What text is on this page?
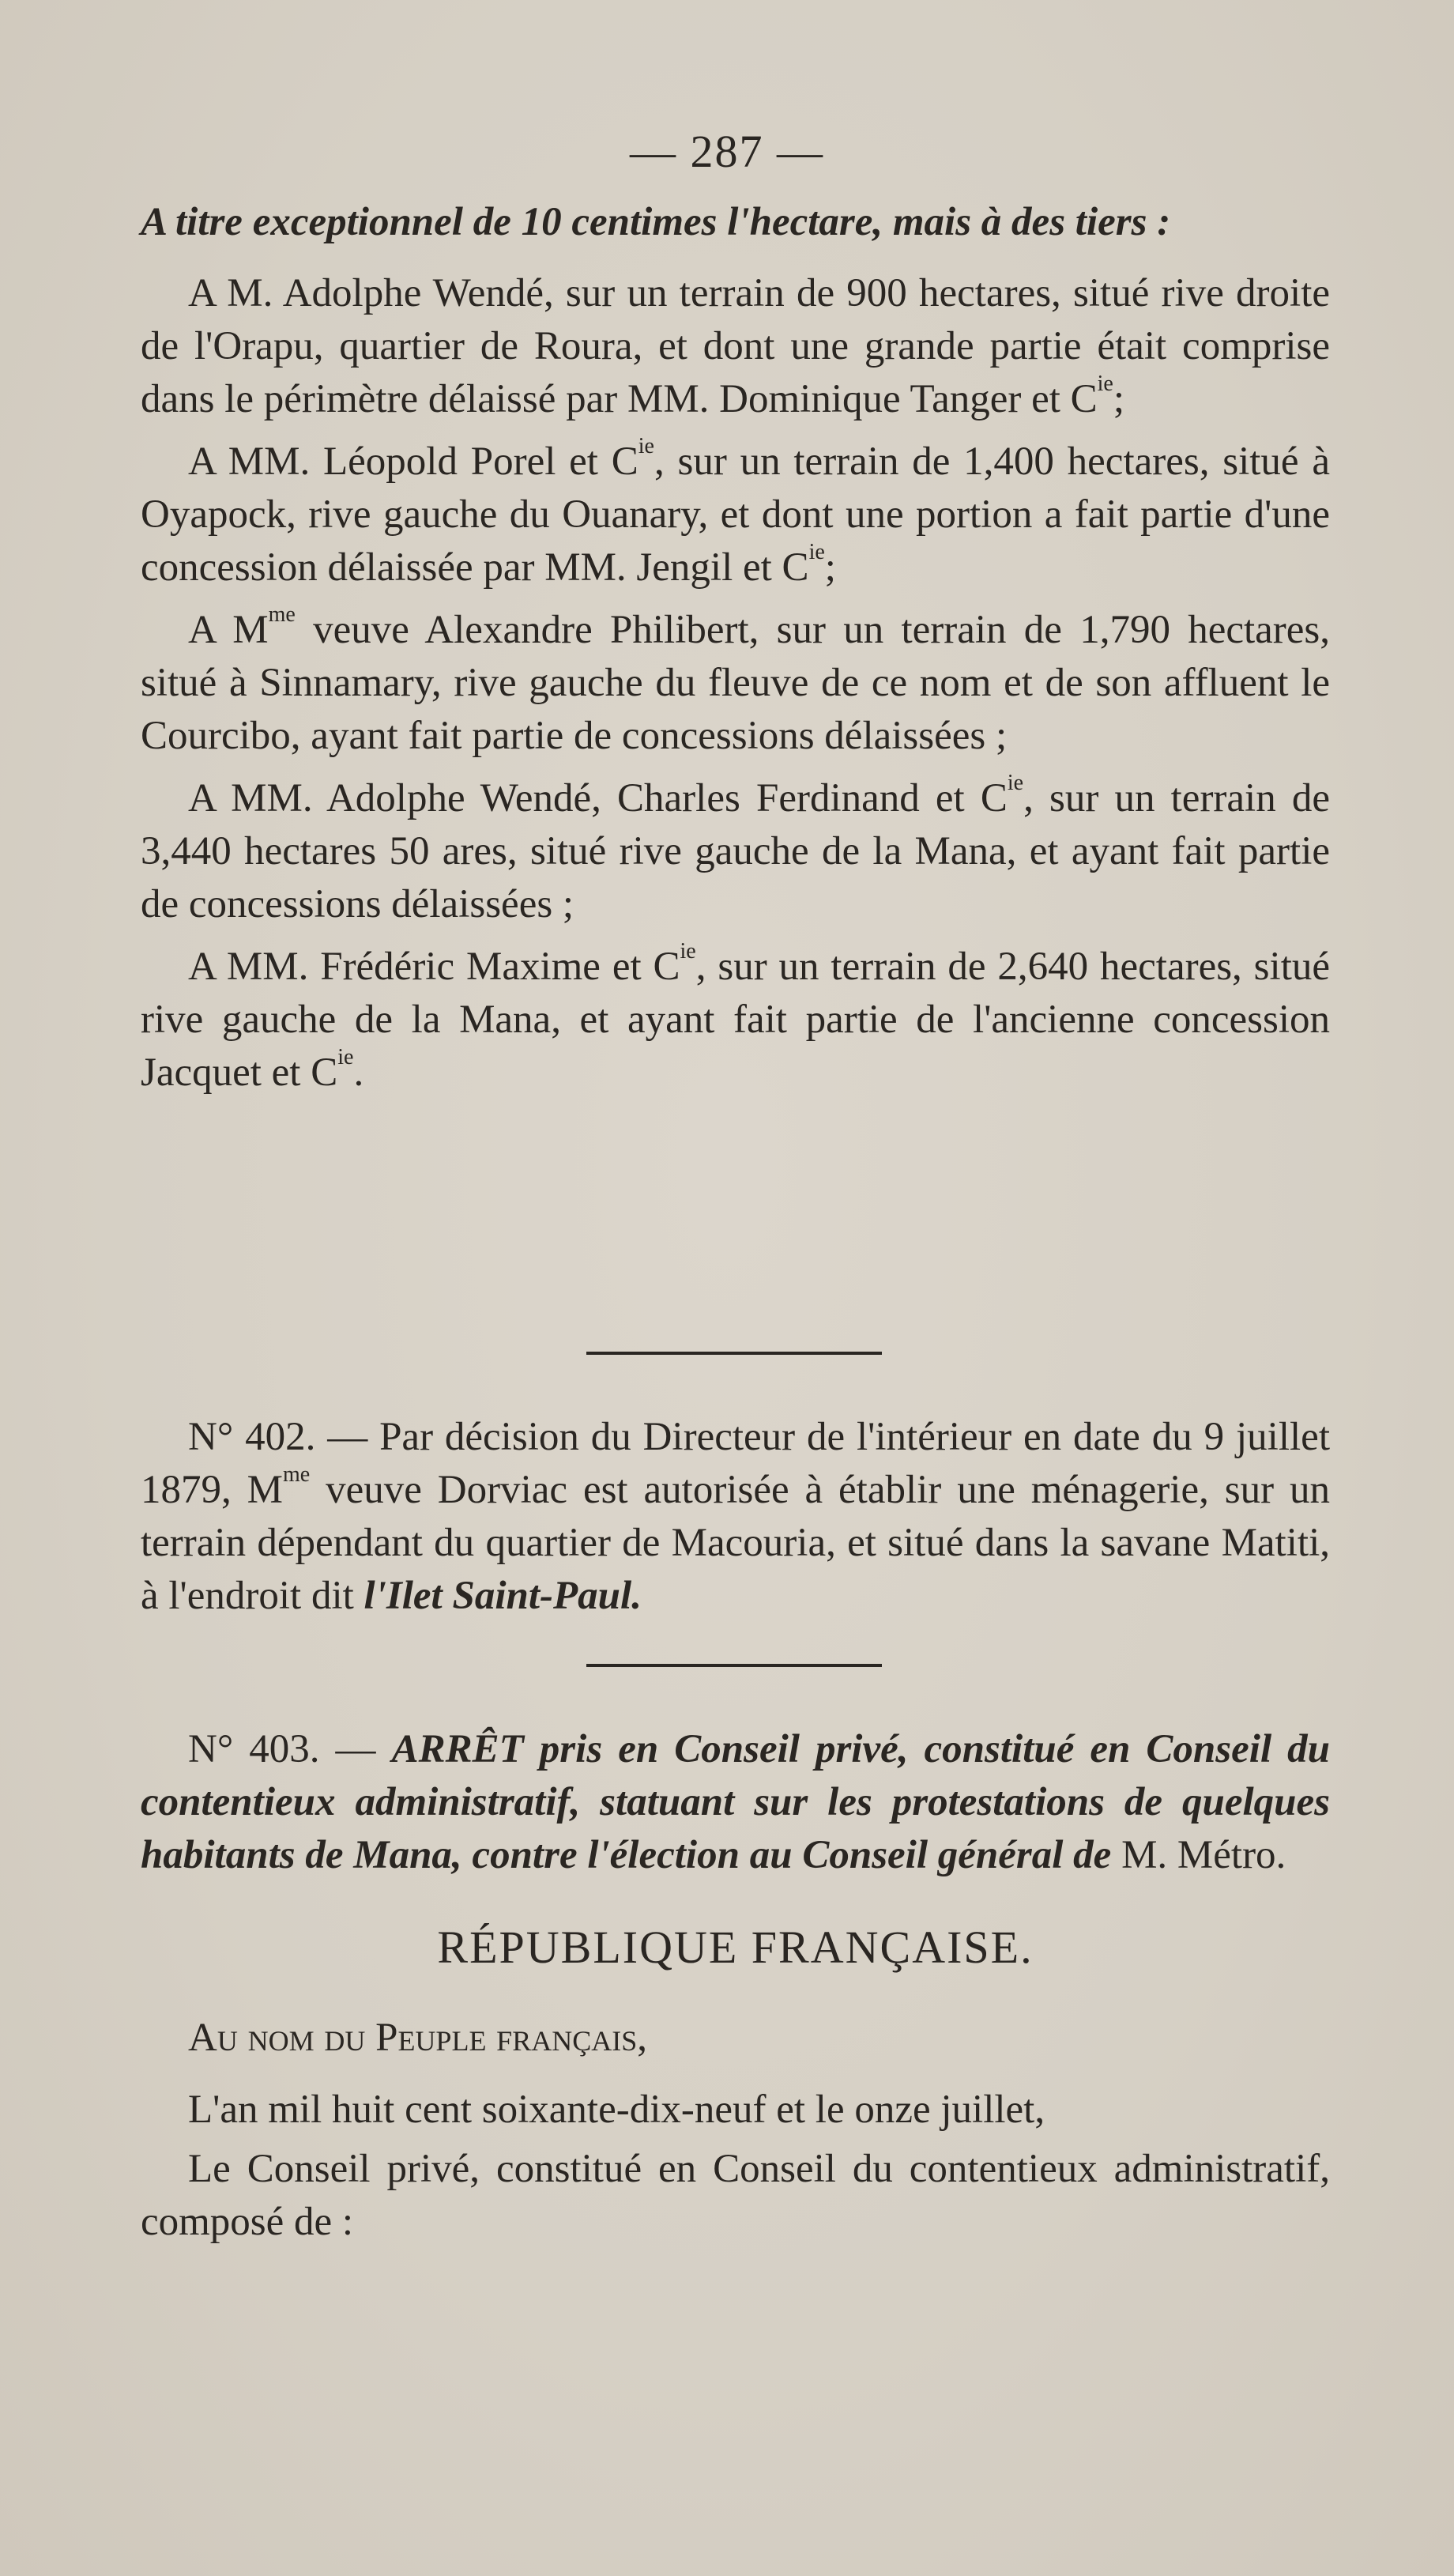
— 287 —

A titre exceptionnel de 10 centimes l'hectare, mais à des tiers :

A M. Adolphe Wendé, sur un terrain de 900 hectares, situé rive droite de l'Orapu, quartier de Roura, et dont une grande partie était comprise dans le périmètre délaissé par MM. Dominique Tanger et $C^{ie}$;

A MM. Léopold Porel et $C^{ie}$, sur un terrain de 1,400 hectares, situé à Oyapock, rive gauche du Ouanary, et dont une portion a fait partie d'une concession délaissée par MM. Jengil et $C^{ie}$;

A $M^{me}$ veuve Alexandre Philibert, sur un terrain de 1,790 hectares, situé à Sinnamary, rive gauche du fleuve de ce nom et de son affluent le Courcibo, ayant fait partie de concessions délaissées ;

A MM. Adolphe Wendé, Charles Ferdinand et $C^{ie}$, sur un terrain de 3,440 hectares 50 ares, situé rive gauche de la Mana, et ayant fait partie de concessions délaissées ;

A MM. Frédéric Maxime et $C^{ie}$, sur un terrain de 2,640 hectares, situé rive gauche de la Mana, et ayant fait partie de l'ancienne concession Jacquet et $C^{ie}$.

N° 402. — Par décision du Directeur de l'intérieur en date du 9 juillet 1879, $M^{me}$ veuve Dorviac est autorisée à établir une ménagerie, sur un terrain dépendant du quartier de Macouria, et situé dans la savane Matiti, à l'endroit dit l'Ilet Saint-Paul.

N° 403. — ARRÊT pris en Conseil privé, constitué en Conseil du contentieux administratif, statuant sur les protestations de quelques habitants de Mana, contre l'élection au Conseil général de M. Métro.

RÉPUBLIQUE FRANÇAISE.

Au nom du Peuple français,

L'an mil huit cent soixante-dix-neuf et le onze juillet,

Le Conseil privé, constitué en Conseil du contentieux administratif, composé de :
